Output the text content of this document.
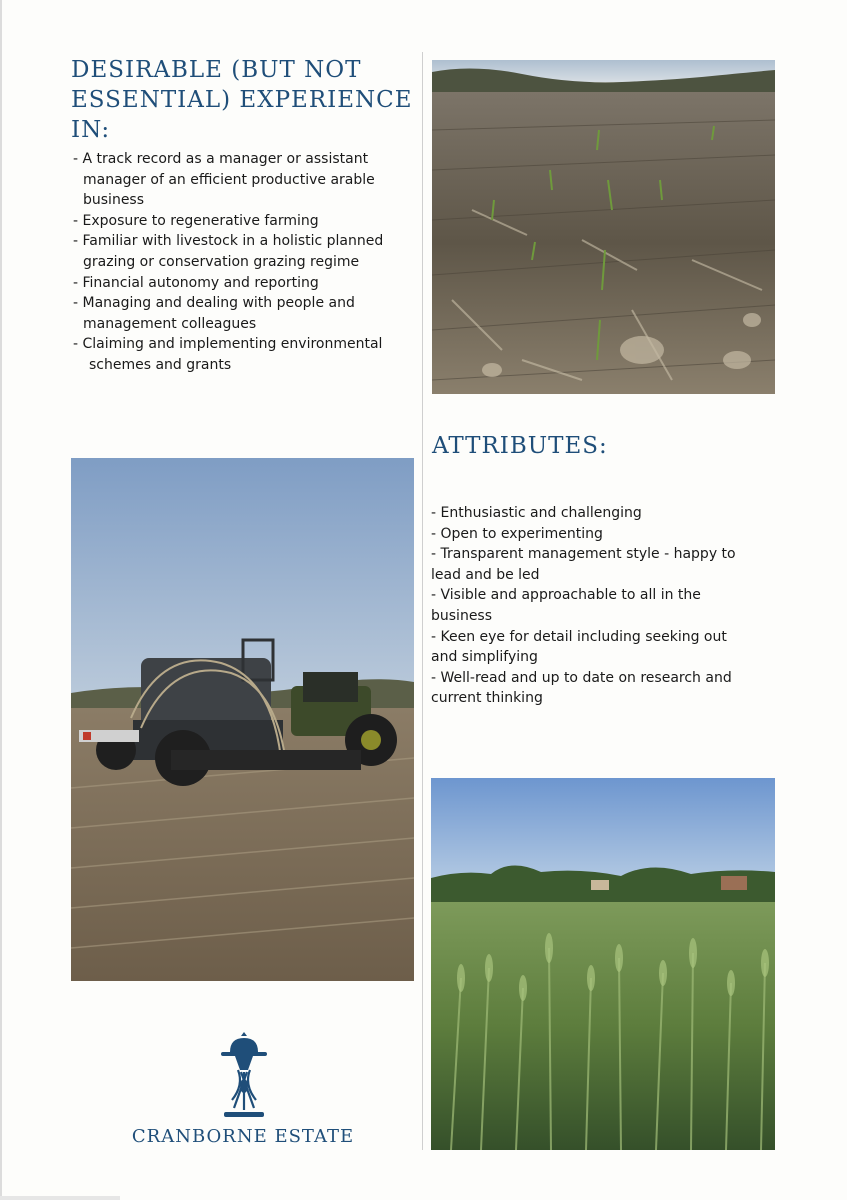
DESIRABLE (BUT NOT ESSENTIAL) EXPERIENCE IN:
- A track record as a manager or assistant manager of an efficient productive arable business
- Exposure to regenerative farming
- Familiar with livestock in a holistic planned grazing or conservation grazing regime
- Financial autonomy and reporting
- Managing and dealing with people and management colleagues
- Claiming and implementing environmental schemes and grants
ATTRIBUTES:
- Enthusiastic and challenging
- Open to experimenting
- Transparent management style - happy to lead and be led
- Visible and approachable to all in the business
- Keen eye for detail including seeking out and simplifying
- Well-read and up to date on research and current thinking
CRANBORNE ESTATE
